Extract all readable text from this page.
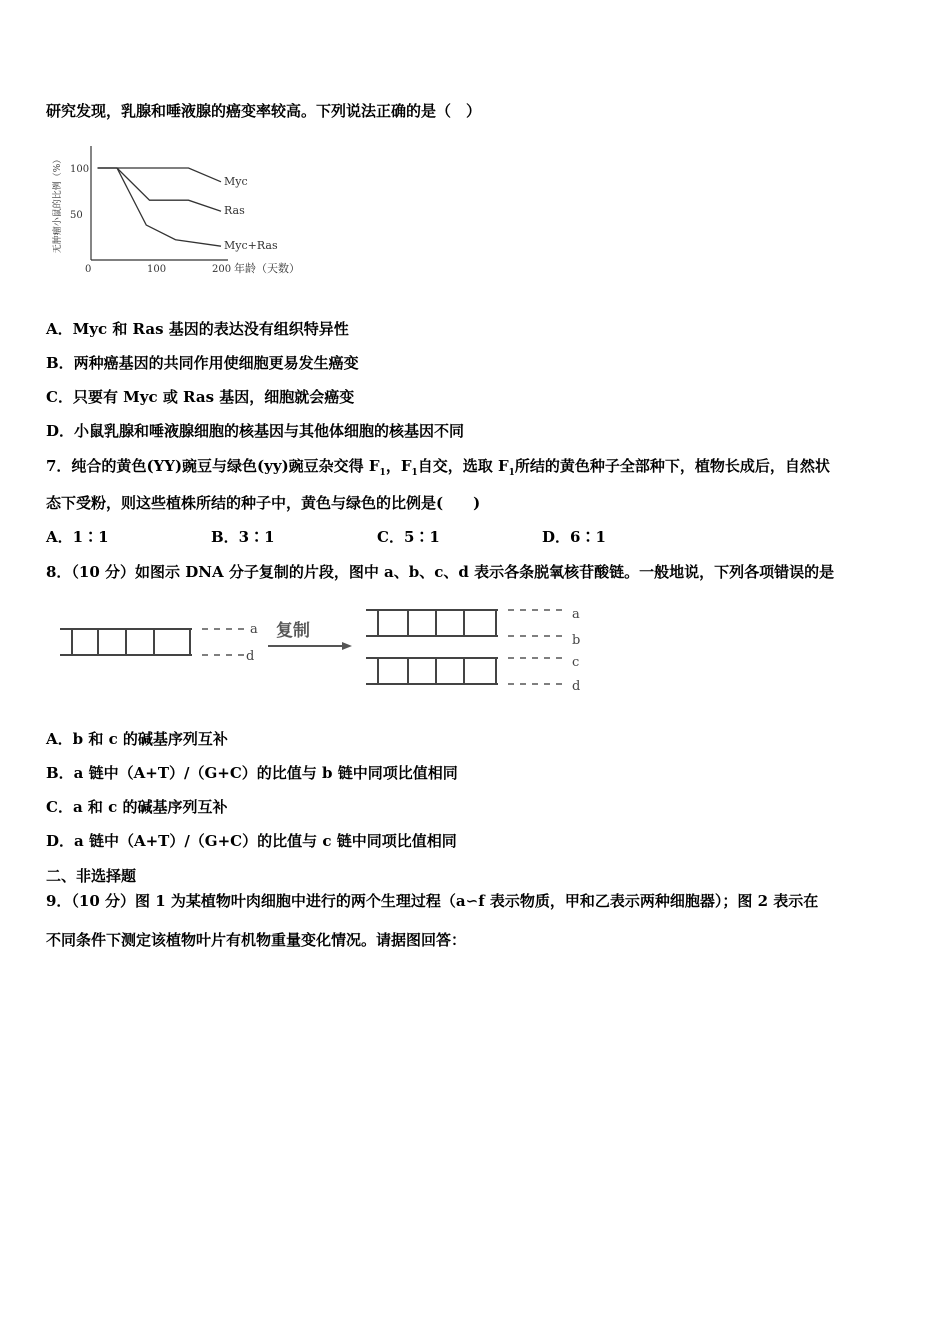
研究发现，乳腺和唾液腺的癌变率较高。下列说法正确的是（　）
无肿瘤小鼠的比例（%）
0	100	200
100
50
Myc
Ras
Myc+Ras
年龄（天数）
A．Myc 和 Ras 基因的表达没有组织特异性
B．两种癌基因的共同作用使细胞更易发生癌变
C．只要有 Myc 或 Ras 基因，细胞就会癌变
D．小鼠乳腺和唾液腺细胞的核基因与其他体细胞的核基因不同
7．纯合的黄色(YY)豌豆与绿色(yy)豌豆杂交得 $F_1$，$F_1$自交，选取 $F_1$所结的黄色种子全部种下，植物长成后，自然状
态下受粉，则这些植株所结的种子中，黄色与绿色的比例是(　　)
A．1∶1	B．3∶1	C．5∶1	D．6∶1
8．（10 分）如图示 DNA 分子复制的片段，图中 a、b、c、d 表示各条脱氧核苷酸链。一般地说，下列各项错误的是
a
d
复制
a
b
c
d
A．b 和 c 的碱基序列互补
B．a 链中（A+T）/（G+C）的比值与 b 链中同项比值相同
C．a 和 c 的碱基序列互补
D．a 链中（A+T）/（G+C）的比值与 c 链中同项比值相同
二、非选择题
9．（10 分）图 1 为某植物叶肉细胞中进行的两个生理过程（a∽f 表示物质，甲和乙表示两种细胞器）；图 2 表示在
不同条件下测定该植物叶片有机物重量变化情况。请据图回答：
